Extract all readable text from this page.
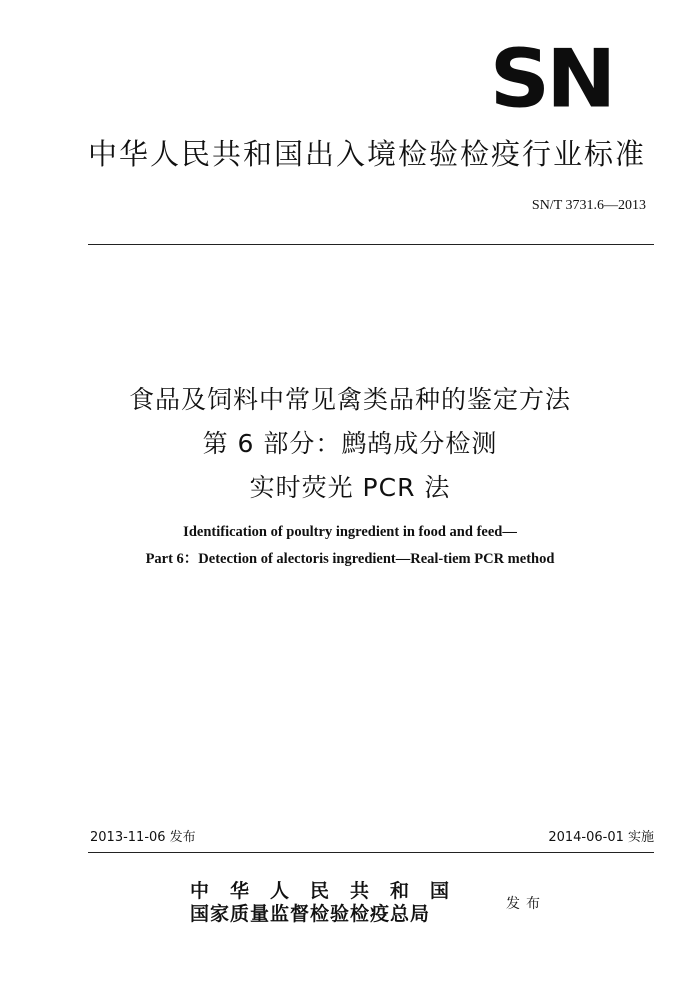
SN
中华人民共和国出入境检验检疫行业标准
SN/T 3731.6—2013
食品及饲料中常见禽类品种的鉴定方法
第 6 部分：鹧鸪成分检测
实时荧光 PCR 法
Identification of poultry ingredient in food and feed—
Part 6：Detection of alectoris ingredient—Real-tiem PCR method
2013-11-06 发布	2014-06-01 实施
中华人民共和国
国家质量监督检验检疫总局	发布
